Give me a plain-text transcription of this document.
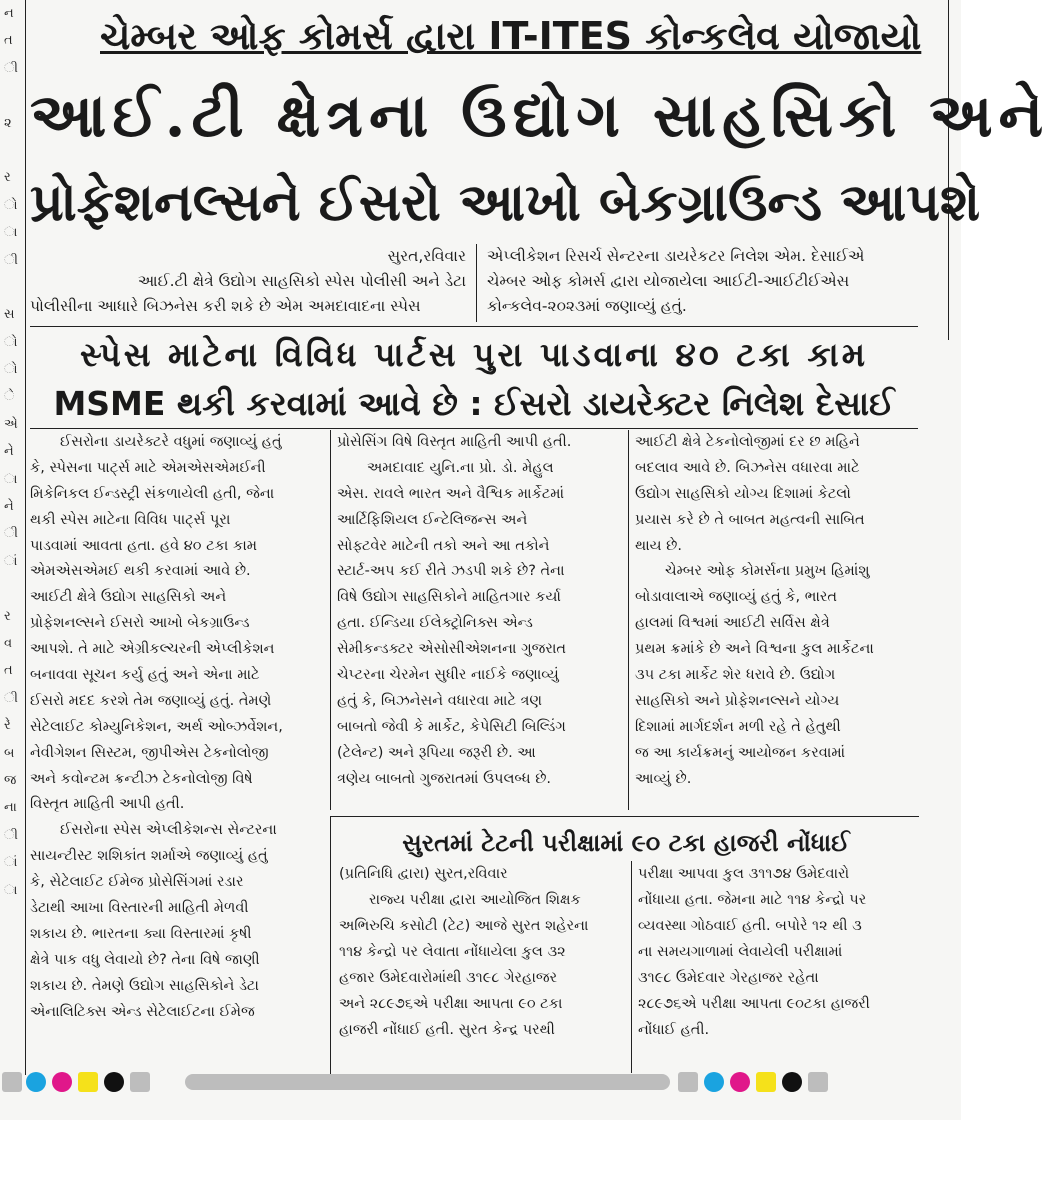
ન
ત
ી
૨
ર
ો
ા
ી
સ
ો
ો
ે
એ
ને
ા
ને
ી
ાં
ર
વ
ત
ી
રે
બ
જ
ના
ી
ાં
ા
ચેમ્બર ઓફ કોમર્સ દ્વારા IT-ITES કોન્કલેવ યોજાયો
આઈ.ટી ક્ષેત્રના ઉદ્યોગ સાહસિકો અને
પ્રોફેશનલ્સને ઈસરો આખો બેકગ્રાઉન્ડ આપશે
સુરત,રવિવાર
આઈ.ટી ક્ષેત્રે ઉદ્યોગ સાહસિકો સ્પેસ પોલીસી અને ડેટા
પોલીસીના આધારે બિઝનેસ કરી શકે છે એમ અમદાવાદના સ્પેસ
એપ્લીકેશન રિસર્ચ સેન્ટરના ડાયરેકટર નિલેશ એમ. દેસાઈએ
ચેમ્બર ઓફ કોમર્સ દ્વારા યોજાયેલા આઈટી-આઈટીઈએસ
કોન્કલેવ-૨૦૨૩માં જણાવ્યું હતું.
સ્પેસ માટેના વિવિધ પાર્ટસ પુરા પાડવાના ૪૦ ટકા કામ
MSME થકી કરવામાં આવે છે : ઈસરો ડાયરેક્ટર નિલેશ દેસાઈ
ઈસરોના ડાયરેક્ટરે વધુમાં જણાવ્યું હતું
કે, સ્પેસના પાર્ટ્સ માટે એમએસએમઈની
મિકેનિકલ ઈન્ડસ્ટ્રી સંકળાયેલી હતી, જેના
થકી સ્પેસ માટેના વિવિધ પાર્ટ્સ પૂરા
પાડવામાં આવતા હતા. હવે ૪૦ ટકા કામ
એમએસએમઈ થકી કરવામાં આવે છે.
આઈટી ક્ષેત્રે ઉદ્યોગ સાહસિકો અને
પ્રોફેશનલ્સને ઈસરો આખો બેકગ્રાઉન્ડ
આપશે. તે માટે એગ્રીકલ્ચરની એપ્લીકેશન
બનાવવા સૂચન કર્યુ હતું અને એના માટે
ઈસરો મદદ કરશે તેમ જણાવ્યું હતું. તેમણે
સેટેલાઈટ કોમ્યુનિકેશન, અર્થ ઓબ્ઝર્વેશન,
નેવીગેશન સિસ્ટમ, જીપીએસ ટેકનોલોજી
અને કવોન્ટમ ક્રન્ટીઝ ટેકનોલોજી વિષે
વિસ્તૃત માહિતી આપી હતી.
ઈસરોના સ્પેસ એપ્લીકેશન્સ સેન્ટરના
સાયન્ટીસ્ટ શશિકાંત શર્માએ જણાવ્યું હતું
કે, સેટેલાઈટ ઈમેજ પ્રોસેસિંગમાં રડાર
ડેટાથી આખા વિસ્તારની માહિતી મેળવી
શકાય છે. ભારતના ક્યા વિસ્તારમાં કૃષી
ક્ષેત્રે પાક વધુ લેવાયો છે? તેના વિષે જાણી
શકાય છે. તેમણે ઉદ્યોગ સાહસિકોને ડેટા
એનાલિટિક્સ એન્ડ સેટેલાઈટના ઈમેજ
પ્રોસેસિંગ વિષે વિસ્તૃત માહિતી આપી હતી.
અમદાવાદ યુનિ.ના પ્રો. ડો. મેહુલ
એસ. રાવલે ભારત અને વૈશ્વિક માર્કેટમાં
આર્ટિફિશિયલ ઈન્ટેલિજન્સ અને
સોફ્ટવેર માટેની તકો અને આ તકોને
સ્ટાર્ટ-અપ કઈ રીતે ઝડપી શકે છે? તેના
વિષે ઉદ્યોગ સાહસિકોને માહિતગાર કર્યા
હતા. ઈન્ડિયા ઈલેક્ટ્રોનિક્સ એન્ડ
સેમીકન્ડક્ટર એસોસીએશનના ગુજરાત
ચેપ્ટરના ચેરમેન સુધીર નાઈકે જણાવ્યું
હતું કે, બિઝનેસને વધારવા માટે ત્રણ
બાબતો જેવી કે માર્કેટ, કેપેસિટી બિલ્ડિંગ
(ટેલેન્ટ) અને રૂપિયા જરૂરી છે. આ
ત્રણેય બાબતો ગુજરાતમાં ઉપલબ્ધ છે.
આઈટી ક્ષેત્રે ટેકનોલોજીમાં દર છ મહિને
બદલાવ આવે છે. બિઝનેસ વધારવા માટે
ઉદ્યોગ સાહસિકો યોગ્ય દિશામાં કેટલો
પ્રયાસ કરે છે તે બાબત મહત્વની સાબિત
થાય છે.
ચેમ્બર ઓફ કોમર્સના પ્રમુખ હિમાંશુ
બોડાવાલાએ જણાવ્યું હતું કે, ભારત
હાલમાં વિશ્વમાં આઈટી સર્વિસ ક્ષેત્રે
પ્રથમ ક્રમાંકે છે અને વિશ્વના કુલ માર્કેટના
૩૫ ટકા માર્કેટ શેર ધરાવે છે. ઉદ્યોગ
સાહસિકો અને પ્રોફેશનલ્સને યોગ્ય
દિશામાં માર્ગદર્શન મળી રહે તે હેતુથી
જ આ કાર્યક્રમનું આયોજન કરવામાં
આવ્યું છે.
સુરતમાં ટેટની પરીક્ષામાં ૯૦ ટકા હાજરી નોંધાઈ
(પ્રતિનિધિ દ્વારા) સુરત,રવિવાર
રાજ્ય પરીક્ષા દ્વારા આયોજિત શિક્ષક
અભિરુચિ કસોટી (ટેટ) આજે સુરત શહેરના
૧૧૪ કેન્દ્રો પર લેવાતા નોંધાયેલા કુલ ૩૨
હજાર ઉમેદવારોમાંથી ૩૧૯૮ ગેરહાજર
અને ૨૮૯૭૬એ પરીક્ષા આપતા ૯૦ ટકા
હાજરી નોંધાઈ હતી. સુરત કેન્દ્ર પરથી
પરીક્ષા આપવા કુલ ૩૧૧૭૪ ઉમેદવારો
નોંધાયા હતા. જેમના માટે ૧૧૪ કેન્દ્રો પર
વ્યવસ્થા ગોઠવાઈ હતી. બપોરે ૧૨ થી ૩
ના સમયગાળામાં લેવાયેલી પરીક્ષામાં
૩૧૯૮ ઉમેદવાર ગેરહાજર રહેતા
૨૮૯૭૬એ પરીક્ષા આપતા ૯૦ટકા હાજરી
નોંધાઈ હતી.
